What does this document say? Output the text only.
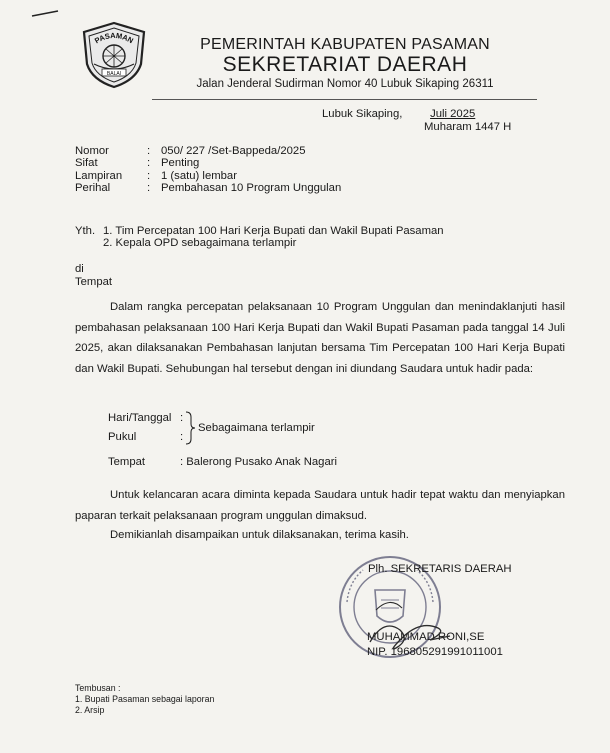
PASAMAN
BALAI
PEMERINTAH KABUPATEN PASAMAN
SEKRETARIAT DAERAH
Jalan Jenderal Sudirman Nomor 40 Lubuk Sikaping 26311
Lubuk Sikaping, Juli 2025
Muharam 1447 H
Nomor	:	050/ 227 /Set-Bappeda/2025
Sifat	:	Penting
Lampiran	:	1 (satu) lembar
Perihal	:	Pembahasan 10 Program Unggulan
Yth. 1. Tim Percepatan 100 Hari Kerja Bupati dan Wakil Bupati Pasaman
2. Kepala OPD sebagaimana terlampir
di
Tempat

Dalam rangka percepatan pelaksanaan 10 Program Unggulan dan menindaklanjuti hasil pembahasan pelaksanaan 100 Hari Kerja Bupati dan Wakil Bupati Pasaman pada tanggal 14 Juli 2025, akan dilaksanakan Pembahasan lanjutan bersama Tim Percepatan 100 Hari Kerja Bupati dan Wakil Bupati. Sehubungan hal tersebut dengan ini diundang Saudara untuk hadir pada:

Hari/Tanggal :
Pukul	:
Sebagaimana terlampir
Tempat	: Balerong Pusako Anak Nagari

Untuk kelancaran acara diminta kepada Saudara untuk hadir tepat waktu dan menyiapkan paparan terkait pelaksanaan program unggulan dimaksud.

Demikianlah disampaikan untuk dilaksanakan, terima kasih.

Plh. SEKRETARIS DAERAH
MUHAMMAD RONI,SE
NIP. 196805291991011001
Tembusan :
1. Bupati Pasaman sebagai laporan
2. Arsip
